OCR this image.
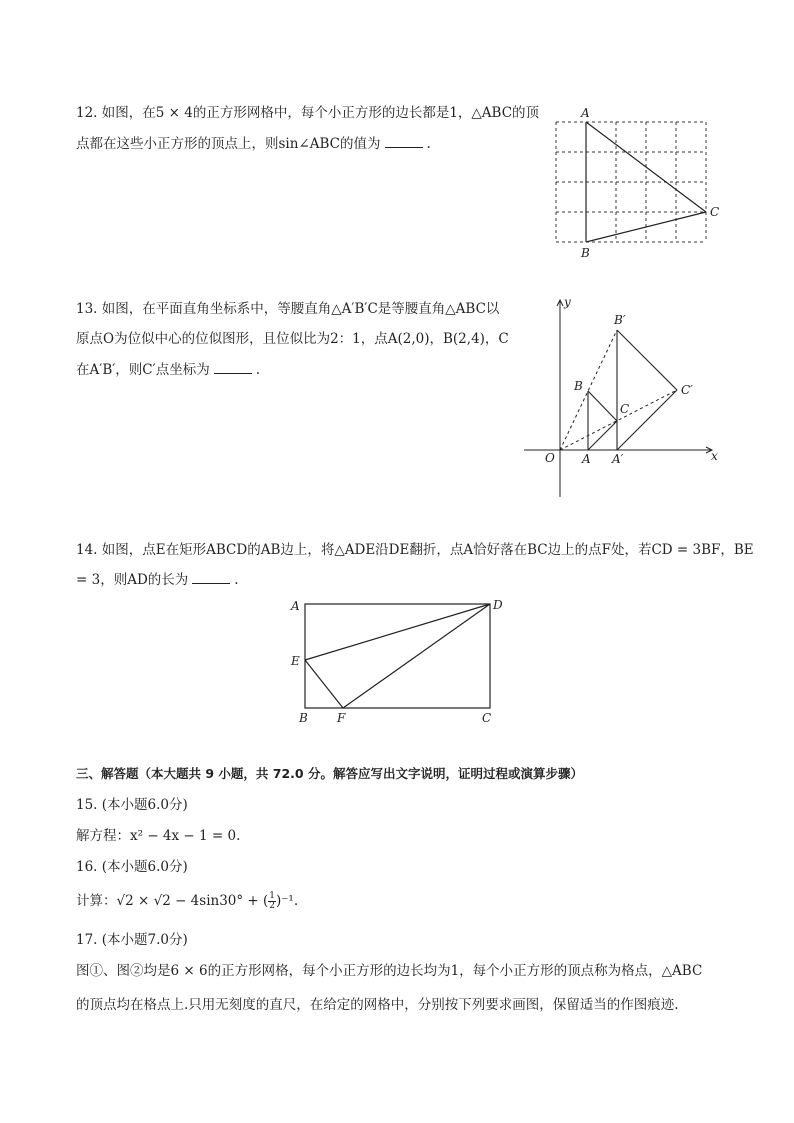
12. 如图，在5 × 4的正方形网格中，每个小正方形的边长都是1，△ABC的顶
点都在这些小正方形的顶点上，则sin∠ABC的值为	.
A
B
C
13. 如图，在平面直角坐标系中，等腰直角△A′B′C是等腰直角△ABC以
原点O为位似中心的位似图形，且位似比为2：1，点A(2,0)，B(2,4)，C
在A′B′，则C′点坐标为	.
y
x
O A A′
B
B′
C
C′
14. 如图，点E在矩形ABCD的AB边上，将△ADE沿DE翻折，点A恰好落在BC边上的点F处，若CD = 3BF，BE
= 3，则AD的长为	.
A	D
E
B F	C
三、解答题（本大题共 9 小题，共 72.0 分。解答应写出文字说明，证明过程或演算步骤）
15. (本小题6.0分)
解方程：x² − 4x − 1 = 0.
16. (本小题6.0分)
计算：√2 × √2 − 4sin30° + ( $\frac{1}{2} )^{-1}$.
17. (本小题7.0分)
图①、图②均是6 × 6的正方形网格，每个小正方形的边长均为1，每个小正方形的顶点称为格点，△ABC
的顶点均在格点上.只用无刻度的直尺，在给定的网格中，分别按下列要求画图，保留适当的作图痕迹.
